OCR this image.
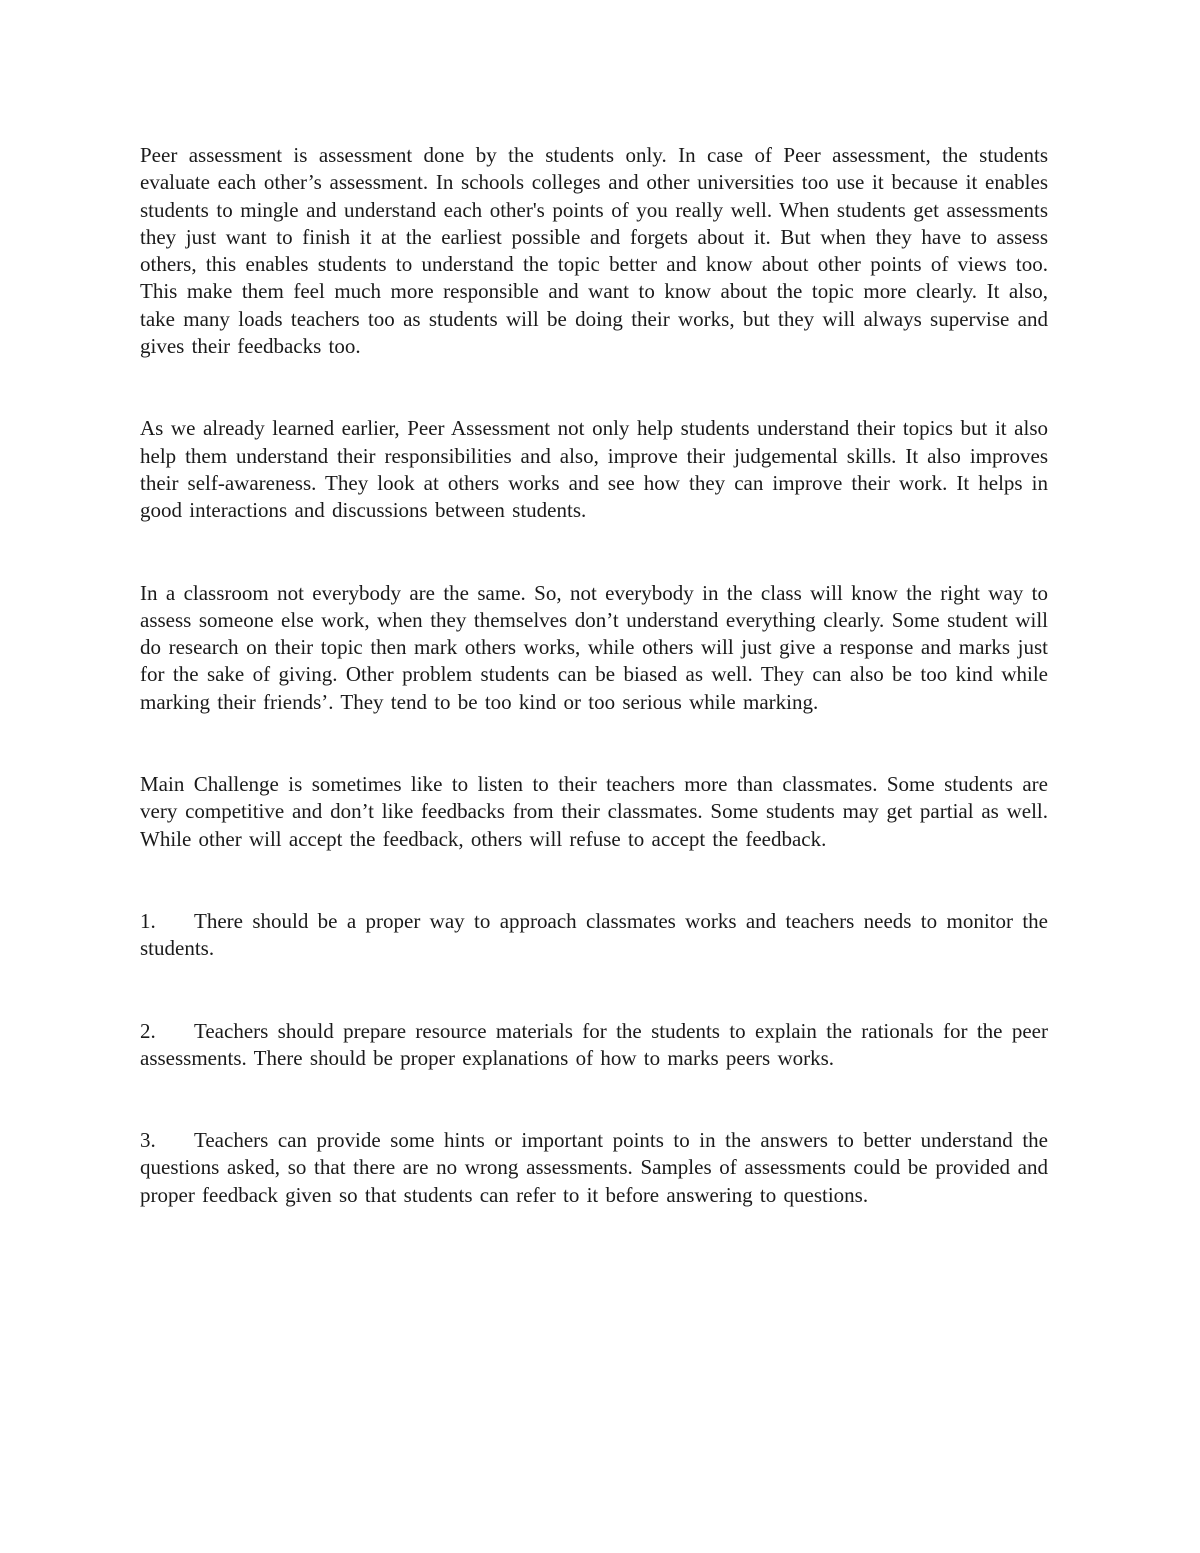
Peer assessment is assessment done by the students only. In case of Peer assessment, the students evaluate each other’s assessment. In schools colleges and other universities too use it because it enables students to mingle and understand each other's points of you really well. When students get assessments they just want to finish it at the earliest possible and forgets about it. But when they have to assess others, this enables students to understand the topic better and know about other points of views too. This make them feel much more responsible and want to know about the topic more clearly. It also, take many loads teachers too as students will be doing their works, but they will always supervise and gives their feedbacks too.

As we already learned earlier, Peer Assessment not only help students understand their topics but it also help them understand their responsibilities and also, improve their judgemental skills. It also improves their self-awareness. They look at others works and see how they can improve their work. It helps in good interactions and discussions between students.

In a classroom not everybody are the same. So, not everybody in the class will know the right way to assess someone else work, when they themselves don’t understand everything clearly. Some student will do research on their topic then mark others works, while others will just give a response and marks just for the sake of giving. Other problem students can be biased as well. They can also be too kind while marking their friends’. They tend to be too kind or too serious while marking.

Main Challenge is sometimes like to listen to their teachers more than classmates. Some students are very competitive and don’t like feedbacks from their classmates. Some students may get partial as well. While other will accept the feedback, others will refuse to accept the feedback.

1. There should be a proper way to approach classmates works and teachers needs to monitor the students.

2. Teachers should prepare resource materials for the students to explain the rationals for the peer assessments. There should be proper explanations of how to marks peers works.

3. Teachers can provide some hints or important points to in the answers to better understand the questions asked, so that there are no wrong assessments. Samples of assessments could be provided and proper feedback given so that students can refer to it before answering to questions.
